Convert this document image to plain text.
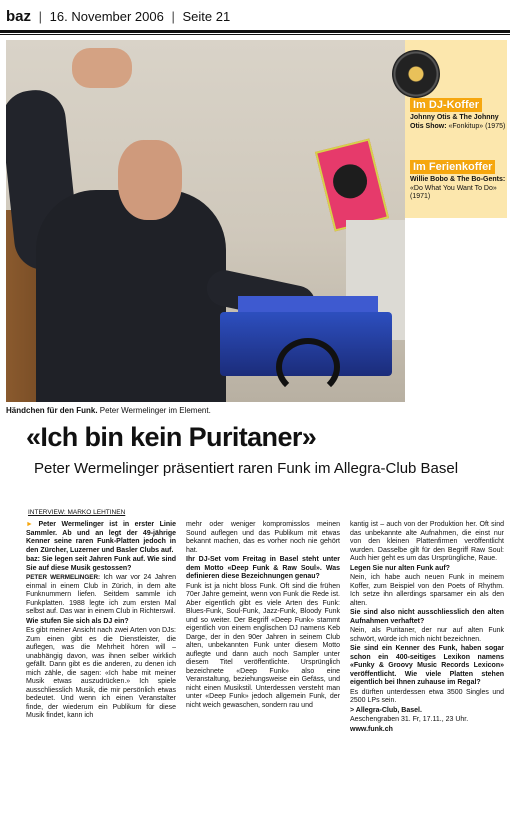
baz | 16. November 2006 | Seite 21
Händchen für den Funk. Peter Wermelinger im Element.
Im DJ-Koffer
Johnny Otis & The Johnny Otis Show: «Fonkitup» (1975)
Im Ferienkoffer
Willie Bobo & The Bo-Gents: «Do What You Want To Do» (1971)
«Ich bin kein Puritaner»
Peter Wermelinger präsentiert raren Funk im Allegra-Club Basel
INTERVIEW: MARKO LEHTINEN

► Peter Wermelinger ist in erster Linie Sammler. Ab und an legt der 49-jährige Kenner seine raren Funk-Platten jedoch in den Zürcher, Luzerner und Basler Clubs auf.

baz: Sie legen seit Jahren Funk auf. Wie sind Sie auf diese Musik gestossen?

PETER WERMELINGER: Ich war vor 24 Jahren einmal in einem Club in Zürich, in dem alte Funknummern liefen. Seitdem sammle ich Funkplatten. 1988 legte ich zum ersten Mal selbst auf. Das war in einem Club in Richterswil.

Wie stufen Sie sich als DJ ein?

Es gibt meiner Ansicht nach zwei Arten von DJs: Zum einen gibt es die Dienstleister, die auflegen, was die Mehrheit hören will – unabhängig davon, was ihnen selber wirklich gefällt. Dann gibt es die anderen, zu denen ich mich zähle, die sagen: «Ich habe mit meiner Musik etwas auszudrücken.» Ich spiele ausschliesslich Musik, die mir persönlich etwas bedeutet. Und wenn ich einen Veranstalter finde, der wiederum ein Publikum für diese Musik findet, kann ich

mehr oder weniger kompromisslos meinen Sound auflegen und das Publikum mit etwas bekannt machen, das es vorher noch nie gehört hat.

Ihr DJ-Set vom Freitag in Basel steht unter dem Motto «Deep Funk & Raw Soul». Was definieren diese Bezeichnungen genau?

Funk ist ja nicht bloss Funk. Oft sind die frühen 70er Jahre gemeint, wenn von Funk die Rede ist. Aber eigentlich gibt es viele Arten des Funk: Blues-Funk, Soul-Funk, Jazz-Funk, Bloody Funk und so weiter. Der Begriff «Deep Funk» stammt eigentlich von einem englischen DJ namens Keb Darge, der in den 90er Jahren in seinem Club alten, unbekannten Funk unter diesem Motto auflegte und dann auch noch Sampler unter diesem Titel veröffentlichte. Ursprünglich bezeichnete «Deep Funk» also eine Veranstaltung, beziehungsweise ein Gefäss, und nicht einen Musikstil. Unterdessen versteht man unter «Deep Funk» jedoch allgemein Funk, der nicht weich gewaschen, sondern rau und

kantig ist – auch von der Produktion her. Oft sind das unbekannte alte Aufnahmen, die einst nur von den kleinen Plattenfirmen veröffentlicht wurden. Dasselbe gilt für den Begriff Raw Soul: Auch hier geht es um das Ursprüngliche, Raue.

Legen Sie nur alten Funk auf?

Nein, ich habe auch neuen Funk in meinem Koffer, zum Beispiel von den Poets of Rhythm. Ich setze ihn allerdings sparsamer ein als den alten.

Sie sind also nicht ausschliesslich den alten Aufnahmen verhaftet?

Nein, als Puritaner, der nur auf alten Funk schwört, würde ich mich nicht bezeichnen.

Sie sind ein Kenner des Funk, haben sogar schon ein 400-seitiges Lexikon namens «Funky & Groovy Music Records Lexicon» veröffentlicht. Wie viele Platten stehen eigentlich bei Ihnen zuhause im Regal?

Es dürften unterdessen etwa 3500 Singles und 2500 LPs sein.

> Allegra-Club, Basel.

Aeschengraben 31. Fr, 17.11., 23 Uhr.

www.funk.ch
